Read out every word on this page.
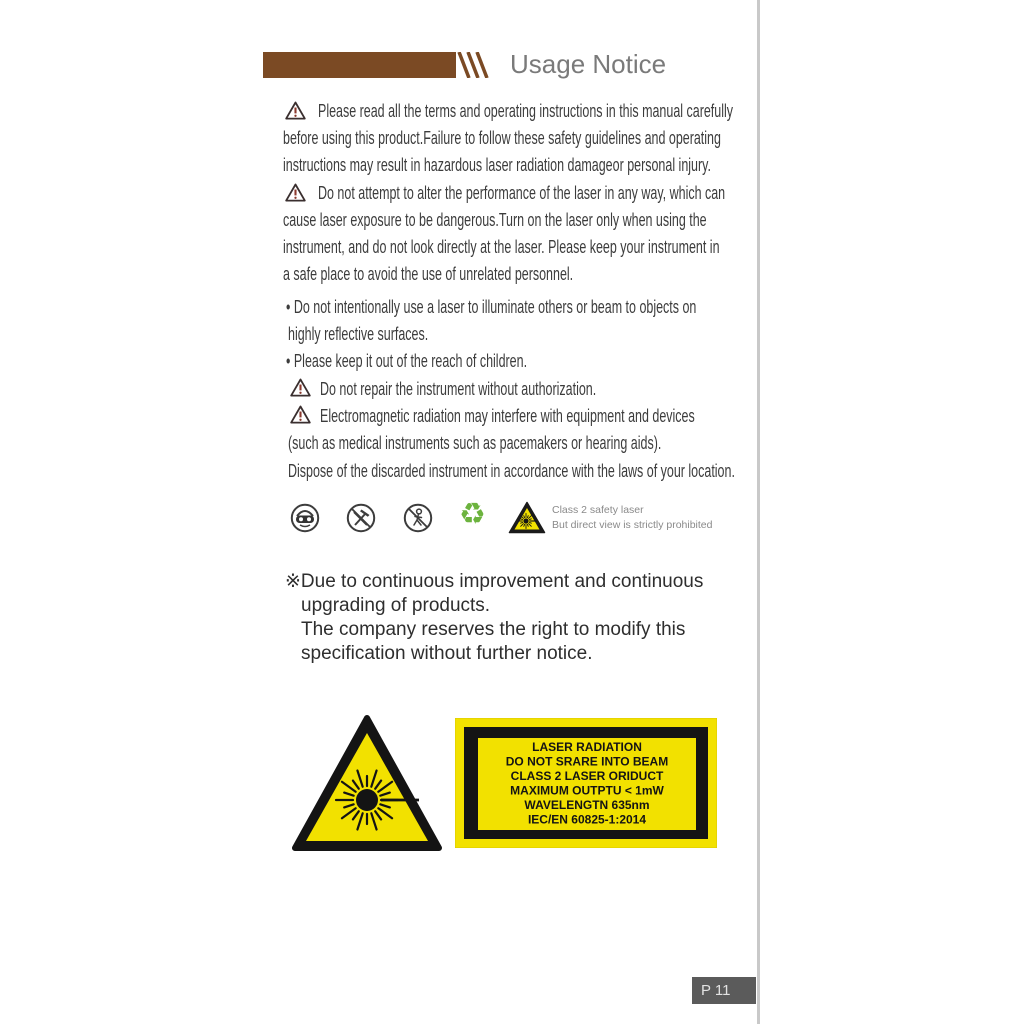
Usage Notice
Please read all the terms and operating instructions in this manual carefully
before using this product.Failure to follow these safety guidelines and operating
instructions may result in hazardous laser radiation damageor personal injury.
Do not attempt to alter the performance of the laser in any way, which can
cause laser exposure to be dangerous.Turn on the laser only when using the
instrument, and do not look directly at the laser. Please keep your instrument in
a safe place to avoid the use of unrelated personnel.
• Do not intentionally use a laser to illuminate others or beam to objects on
highly reflective surfaces.
• Please keep it out of the reach of children.
Do not repair the instrument without authorization.
Electromagnetic radiation may interfere with equipment and devices
(such as medical instruments such as pacemakers or hearing aids).
Dispose of the discarded instrument in accordance with the laws of your location.
♻	Class 2 safety laser
But direct view is strictly prohibited
※Due to continuous improvement and continuous
upgrading of products.
The company reserves the right to modify this
specification without further notice.
LASER RADIATION
DO NOT SRARE INTO BEAM
CLASS 2 LASER ORIDUCT
MAXIMUM OUTPTU < 1mW
WAVELENGTN 635nm
IEC/EN 60825-1:2014
P 11
